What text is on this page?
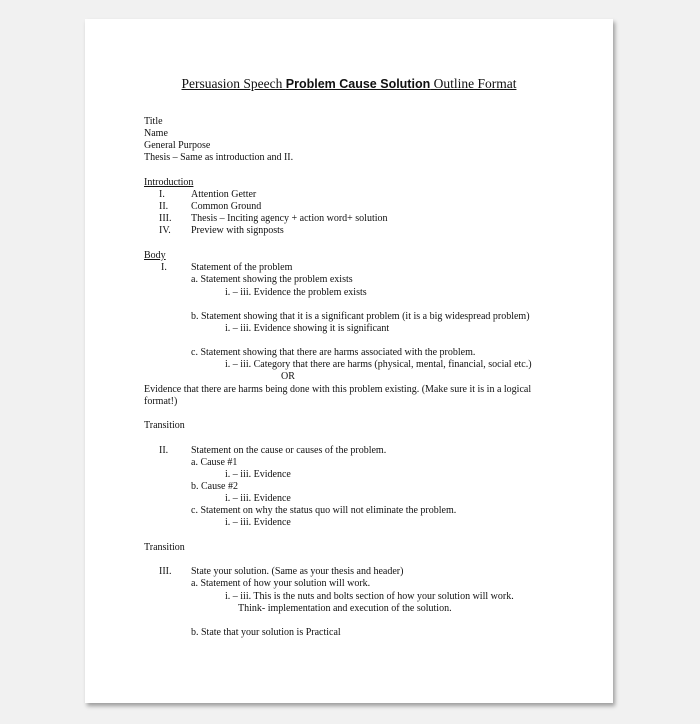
Persuasion Speech Problem Cause Solution Outline Format
Title
Name
General Purpose
Thesis – Same as introduction and II.
Introduction
I.	Attention Getter
II. Common Ground
III. Thesis – Inciting agency + action word+ solution
IV. Preview with signposts
Body
I. Statement of the problem
a. Statement showing the problem exists
i. – iii. Evidence the problem exists
b. Statement showing that it is a significant problem (it is a big widespread problem)
i. – iii. Evidence showing it is significant
c. Statement showing that there are harms associated with the problem.
i. – iii. Category that there are harms (physical, mental, financial, social etc.)
OR
Evidence that there are harms being done with this problem existing. (Make sure it is in a logical
format!)
Transition
II. Statement on the cause or causes of the problem.
a. Cause #1
i. – iii. Evidence
b. Cause #2
i. – iii. Evidence
c. Statement on why the status quo will not eliminate the problem.
i. – iii. Evidence
Transition
III. State your solution. (Same as your thesis and header)
a. Statement of how your solution will work.
i. – iii. This is the nuts and bolts section of how your solution will work.
Think- implementation and execution of the solution.
b. State that your solution is Practical
